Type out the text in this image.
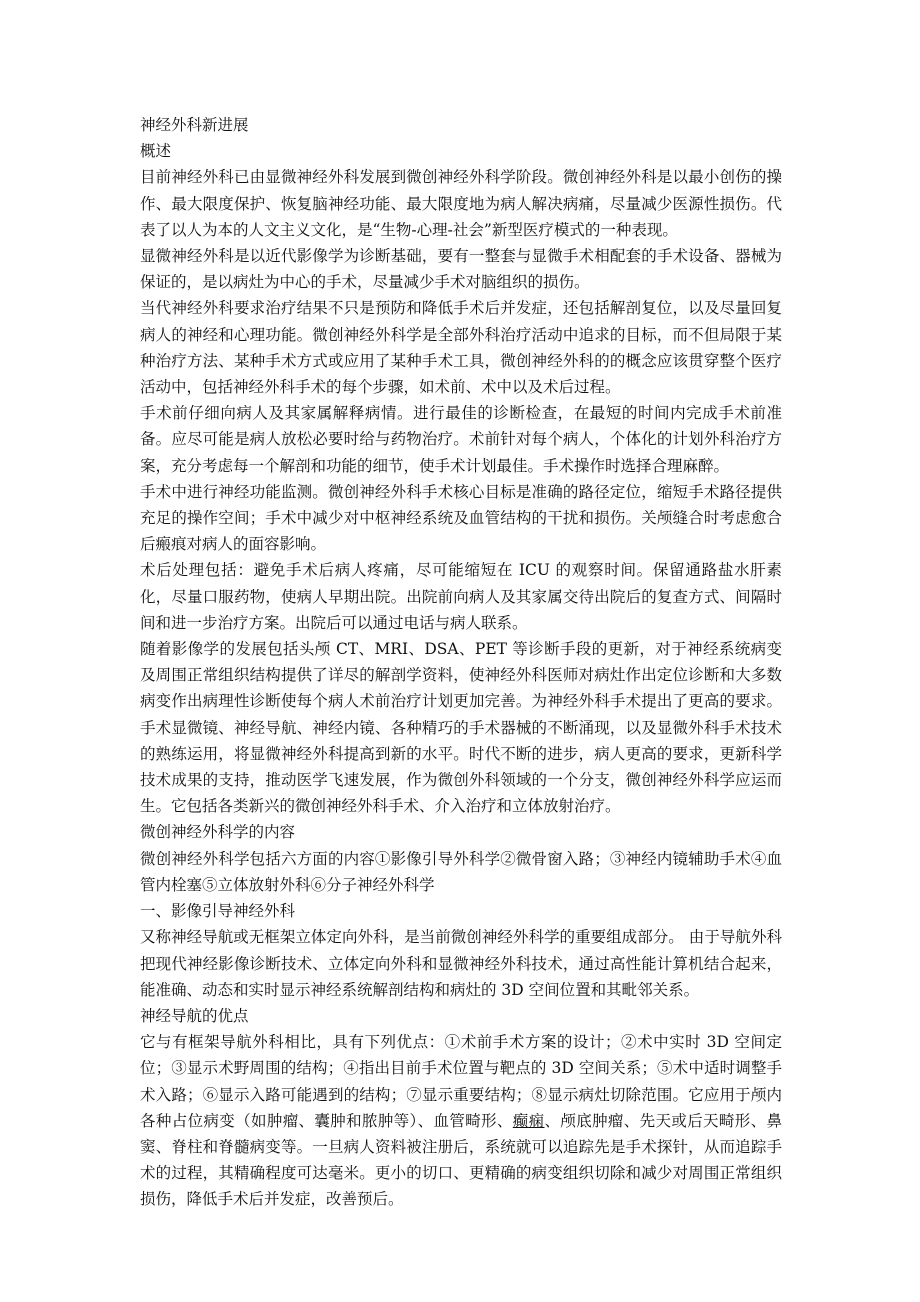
神经外科新进展
概述
目前神经外科已由显微神经外科发展到微创神经外科学阶段。微创神经外科是以最小创伤的操作、最大限度保护、恢复脑神经功能、最大限度地为病人解决病痛，尽量减少医源性损伤。代表了以人为本的人文主义文化，是“生物-心理-社会”新型医疗模式的一种表现。
显微神经外科是以近代影像学为诊断基础，要有一整套与显微手术相配套的手术设备、器械为保证的，是以病灶为中心的手术，尽量减少手术对脑组织的损伤。
当代神经外科要求治疗结果不只是预防和降低手术后并发症，还包括解剖复位，以及尽量回复病人的神经和心理功能。微创神经外科学是全部外科治疗活动中追求的目标，而不但局限于某种治疗方法、某种手术方式或应用了某种手术工具，微创神经外科的的概念应该贯穿整个医疗活动中，包括神经外科手术的每个步骤，如术前、术中以及术后过程。
手术前仔细向病人及其家属解释病情。进行最佳的诊断检查，在最短的时间内完成手术前准备。应尽可能是病人放松必要时给与药物治疗。术前针对每个病人，个体化的计划外科治疗方案，充分考虑每一个解剖和功能的细节，使手术计划最佳。手术操作时选择合理麻醉。
手术中进行神经功能监测。微创神经外科手术核心目标是准确的路径定位，缩短手术路径提供充足的操作空间；手术中减少对中枢神经系统及血管结构的干扰和损伤。关颅缝合时考虑愈合后瘢痕对病人的面容影响。
术后处理包括：避免手术后病人疼痛，尽可能缩短在 ICU 的观察时间。保留通路盐水肝素化，尽量口服药物，使病人早期出院。出院前向病人及其家属交待出院后的复查方式、间隔时间和进一步治疗方案。出院后可以通过电话与病人联系。
随着影像学的发展包括头颅 CT、MRI、DSA、PET 等诊断手段的更新，对于神经系统病变及周围正常组织结构提供了详尽的解剖学资料，使神经外科医师对病灶作出定位诊断和大多数病变作出病理性诊断使每个病人术前治疗计划更加完善。为神经外科手术提出了更高的要求。手术显微镜、神经导航、神经内镜、各种精巧的手术器械的不断涌现，以及显微外科手术技术的熟练运用，将显微神经外科提高到新的水平。时代不断的进步，病人更高的要求，更新科学技术成果的支持，推动医学飞速发展，作为微创外科领域的一个分支，微创神经外科学应运而生。它包括各类新兴的微创神经外科手术、介入治疗和立体放射治疗。
微创神经外科学的内容
微创神经外科学包括六方面的内容①影像引导外科学②微骨窗入路；③神经内镜辅助手术④血管内栓塞⑤立体放射外科⑥分子神经外科学
一、影像引导神经外科
又称神经导航或无框架立体定向外科，是当前微创神经外科学的重要组成部分。 由于导航外科把现代神经影像诊断技术、立体定向外科和显微神经外科技术，通过高性能计算机结合起来，能准确、动态和实时显示神经系统解剖结构和病灶的 3D 空间位置和其毗邻关系。
神经导航的优点
它与有框架导航外科相比，具有下列优点：①术前手术方案的设计；②术中实时 3D 空间定位；③显示术野周围的结构；④指出目前手术位置与靶点的 3D 空间关系；⑤术中适时调整手术入路；⑥显示入路可能遇到的结构；⑦显示重要结构；⑧显示病灶切除范围。它应用于颅内各种占位病变（如肿瘤、囊肿和脓肿等）、血管畸形、癫痫、颅底肿瘤、先天或后天畸形、鼻窦、脊柱和脊髓病变等。一旦病人资料被注册后，系统就可以追踪先是手术探针，从而追踪手术的过程，其精确程度可达毫米。更小的切口、更精确的病变组织切除和减少对周围正常组织损伤，降低手术后并发症，改善预后。
